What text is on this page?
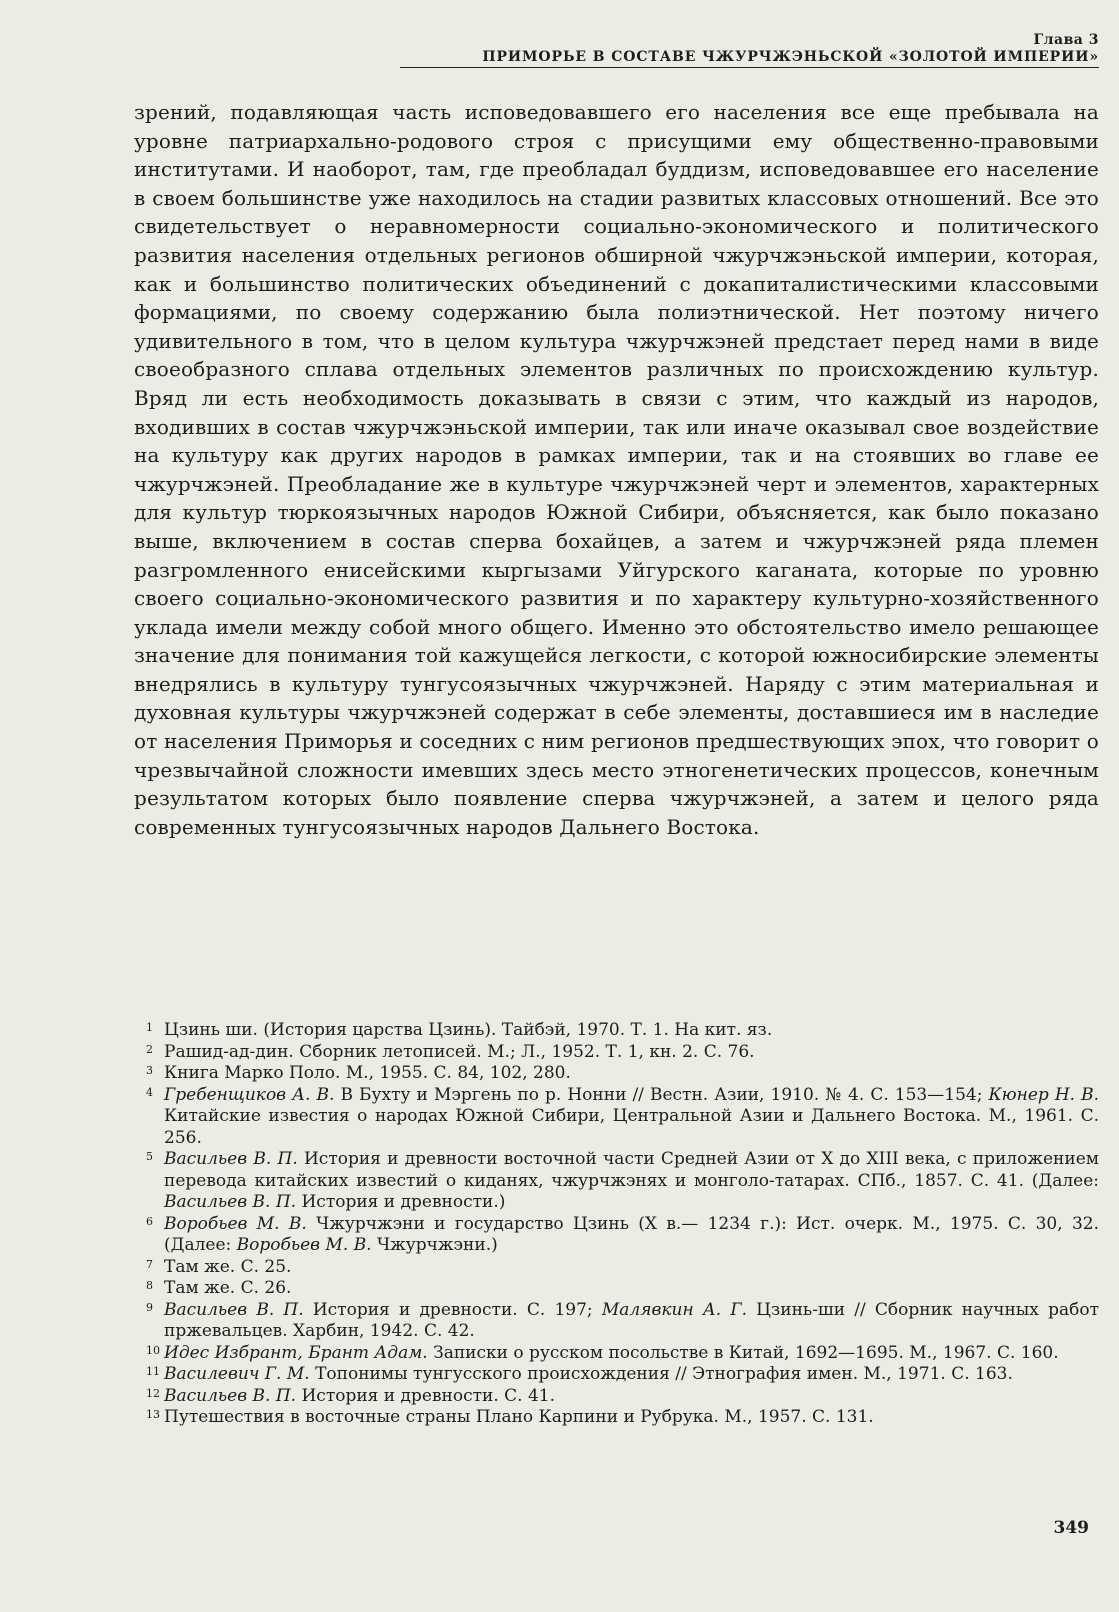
Глава 3
ПРИМОРЬЕ В СОСТАВЕ ЧЖУРЧЖЭНЬСКОЙ «ЗОЛОТОЙ ИМПЕРИИ»
зрений, подавляющая часть исповедовавшего его населения все еще пребывала на уровне патриархально-родового строя с присущими ему общественно-правовыми институтами. И наоборот, там, где преобладал буддизм, исповедовавшее его население в своем большинстве уже находилось на стадии развитых классовых отношений. Все это свидетельствует о неравномерности социально-экономического и политического развития населения отдельных регионов обширной чжурчжэньской империи, которая, как и большинство политических объединений с докапиталистическими классовыми формациями, по своему содержанию была полиэтнической. Нет поэтому ничего удивительного в том, что в целом культура чжурчжэней предстает перед нами в виде своеобразного сплава отдельных элементов различных по происхождению культур. Вряд ли есть необходимость доказывать в связи с этим, что каждый из народов, входивших в состав чжурчжэньской империи, так или иначе оказывал свое воздействие на культуру как других народов в рамках империи, так и на стоявших во главе ее чжурчжэней. Преобладание же в культуре чжурчжэней черт и элементов, характерных для культур тюркоязычных народов Южной Сибири, объясняется, как было показано выше, включением в состав сперва бохайцев, а затем и чжурчжэней ряда племен разгромленного енисейскими кыргызами Уйгурского каганата, которые по уровню своего социально-экономического развития и по характеру культурно-хозяйственного уклада имели между собой много общего. Именно это обстоятельство имело решающее значение для понимания той кажущейся легкости, с которой южносибирские элементы внедрялись в культуру тунгусоязычных чжурчжэней. Наряду с этим материальная и духовная культуры чжурчжэней содержат в себе элементы, доставшиеся им в наследие от населения Приморья и соседних с ним регионов предшествующих эпох, что говорит о чрезвычайной сложности имевших здесь место этногенетических процессов, конечным результатом которых было появление сперва чжурчжэней, а затем и целого ряда современных тунгусоязычных народов Дальнего Востока.
1 Цзинь ши. (История царства Цзинь). Тайбэй, 1970. Т. 1. На кит. яз.
2 Рашид-ад-дин. Сборник летописей. М.; Л., 1952. Т. 1, кн. 2. С. 76.
3 Книга Марко Поло. М., 1955. С. 84, 102, 280.
4 Гребенщиков А. В. В Бухту и Мэргень по р. Нонни // Вестн. Азии, 1910. № 4. С. 153—154; Кюнер Н. В. Китайские известия о народах Южной Сибири, Центральной Азии и Дальнего Востока. М., 1961. С. 256.
5 Васильев В. П. История и древности восточной части Средней Азии от X до XIII века, с приложением перевода китайских известий о киданях, чжурчжэнях и монголо-татарах. СПб., 1857. С. 41. (Далее: Васильев В. П. История и древности.)
6 Воробьев М. В. Чжурчжэни и государство Цзинь (X в.— 1234 г.): Ист. очерк. М., 1975. С. 30, 32. (Далее: Воробьев М. В. Чжурчжэни.)
7 Там же. С. 25.
8 Там же. С. 26.
9 Васильев В. П. История и древности. С. 197; Малявкин А. Г. Цзинь-ши // Сборник научных работ пржевальцев. Харбин, 1942. С. 42.
10 Идес Избрант, Брант Адам. Записки о русском посольстве в Китай, 1692—1695. М., 1967. С. 160.
11 Василевич Г. М. Топонимы тунгусского происхождения // Этнография имен. М., 1971. С. 163.
12 Васильев В. П. История и древности. С. 41.
13 Путешествия в восточные страны Плано Карпини и Рубрука. М., 1957. С. 131.
349
